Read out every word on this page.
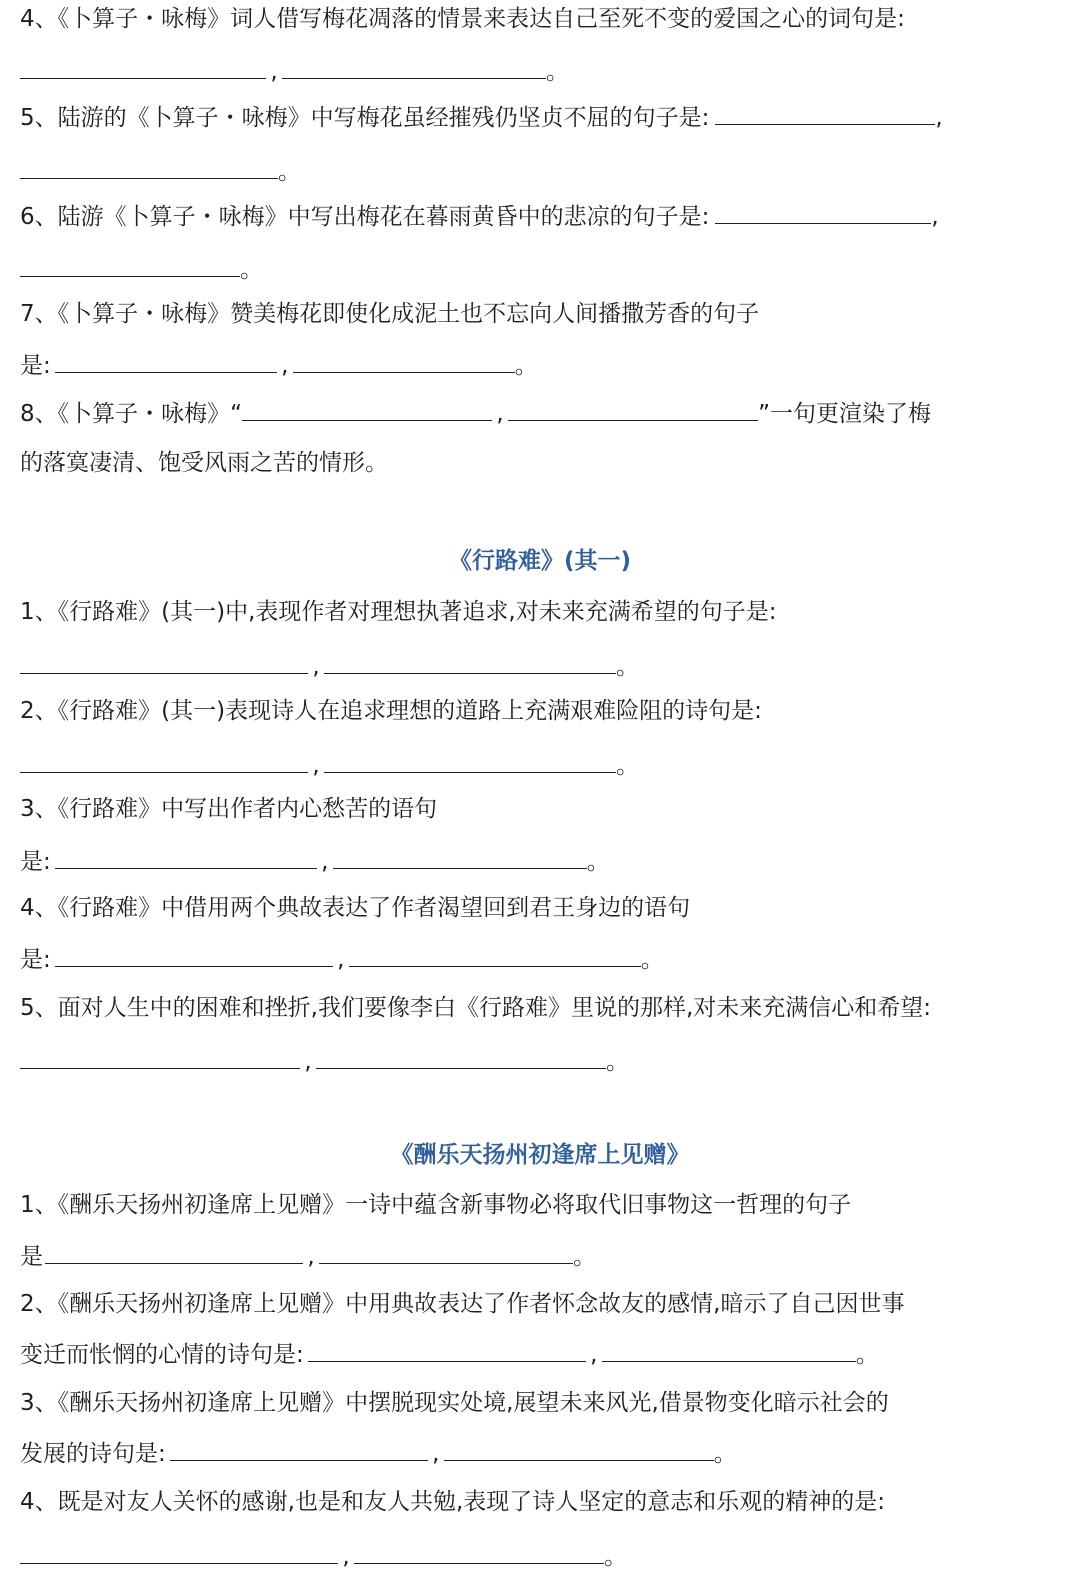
4、《卜算子・咏梅》词人借写梅花凋落的情景来表达自己至死不变的爱国之心的词句是:
,	。
5、陆游的《卜算子・咏梅》中写梅花虽经摧残仍坚贞不屈的句子是:	,
。
6、陆游《卜算子・咏梅》中写出梅花在暮雨黄昏中的悲凉的句子是:	,
。
7、《卜算子・咏梅》赞美梅花即使化成泥土也不忘向人间播撒芳香的句子
是:	,	。
8、《卜算子・咏梅》“	,	”一句更渲染了梅
的落寞凄清、饱受风雨之苦的情形。
《行路难》(其一)
1、《行路难》(其一)中,表现作者对理想执著追求,对未来充满希望的句子是:
,	。
2、《行路难》(其一)表现诗人在追求理想的道路上充满艰难险阻的诗句是:
,	。
3、《行路难》中写出作者内心愁苦的语句
是:	,	。
4、《行路难》中借用两个典故表达了作者渴望回到君王身边的语句
是:	,	。
5、面对人生中的困难和挫折,我们要像李白《行路难》里说的那样,对未来充满信心和希望:
,	。
《酬乐天扬州初逢席上见赠》
1、《酬乐天扬州初逢席上见赠》一诗中蕴含新事物必将取代旧事物这一哲理的句子
是	,	。
2、《酬乐天扬州初逢席上见赠》中用典故表达了作者怀念故友的感情,暗示了自己因世事
变迁而怅惘的心情的诗句是:	,	。
3、《酬乐天扬州初逢席上见赠》中摆脱现实处境,展望未来风光,借景物变化暗示社会的
发展的诗句是:	,	。
4、既是对友人关怀的感谢,也是和友人共勉,表现了诗人坚定的意志和乐观的精神的是:
,	。
